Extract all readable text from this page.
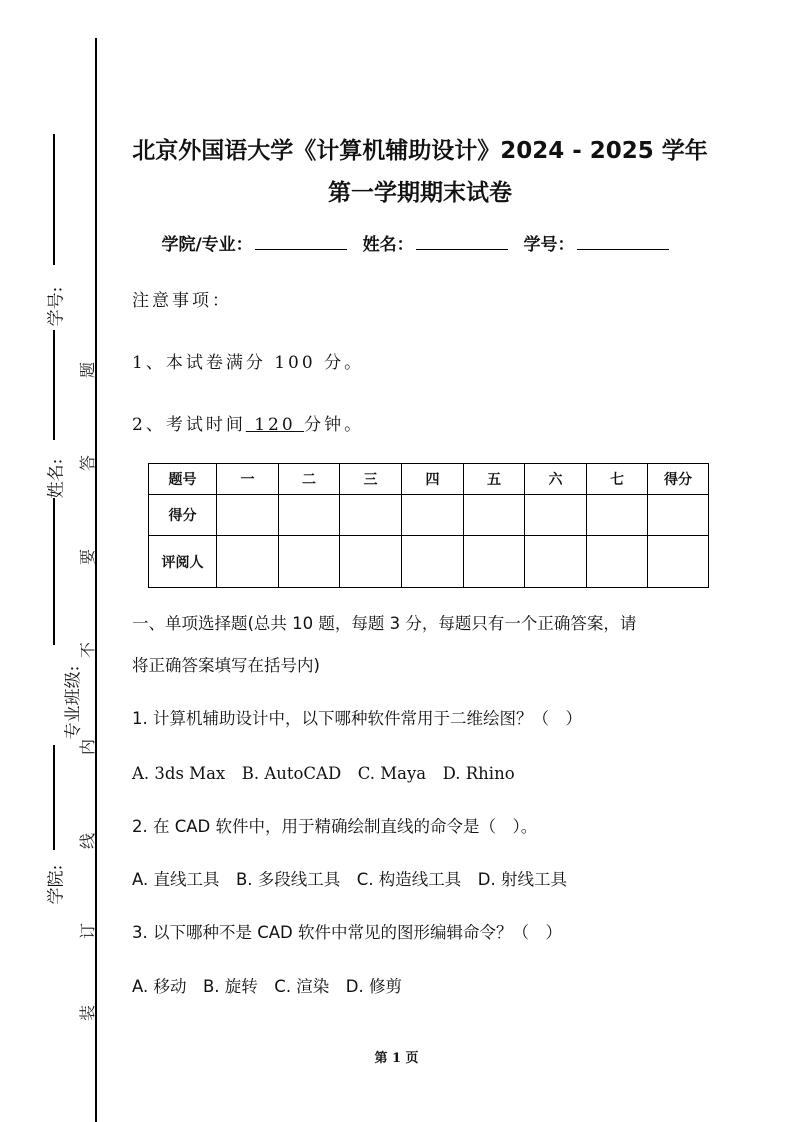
学号:
姓名:
专业班级:
学院:
题
答
要
不
内
线
订
装
北京外国语大学《计算机辅助设计》2024 - 2025 学年
第一学期期末试卷
学院/专业：	姓名：	学号：
注意事项：
1、本试卷满分 100 分。
2、考试时间 120 分钟。
题号	一	二	三	四	五	六	七	得分
得分								
评阅人								
一、单项选择题(总共 10 题，每题 3 分，每题只有一个正确答案，请
将正确答案填写在括号内)
1. 计算机辅助设计中，以下哪种软件常用于二维绘图？（　）
A. 3ds Max　B. AutoCAD　C. Maya　D. Rhino
2. 在 CAD 软件中，用于精确绘制直线的命令是（　）。
A. 直线工具　B. 多段线工具　C. 构造线工具　D. 射线工具
3. 以下哪种不是 CAD 软件中常见的图形编辑命令？（　）
A. 移动　B. 旋转　C. 渲染　D. 修剪
第 1 页
